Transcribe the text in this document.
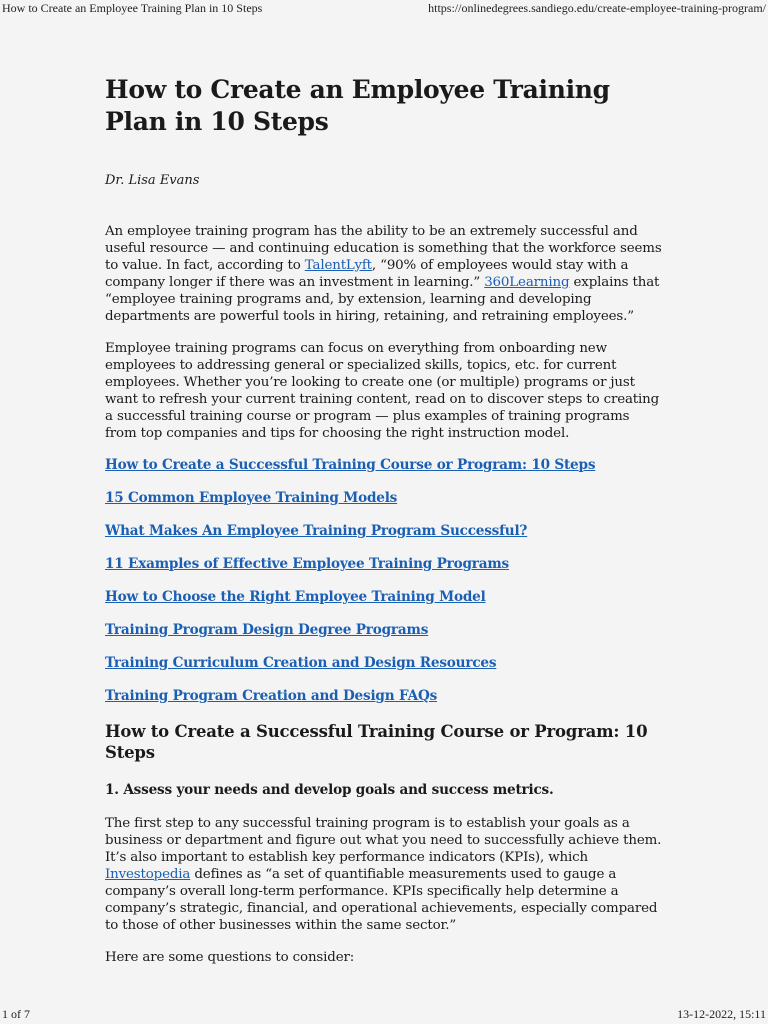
How to Create an Employee Training Plan in 10 Steps	https://onlinedegrees.sandiego.edu/create-employee-training-program/
How to Create an Employee Training Plan in 10 Steps
Dr. Lisa Evans

An employee training program has the ability to be an extremely successful and useful resource — and continuing education is something that the workforce seems to value. In fact, according to TalentLyft, “90% of employees would stay with a company longer if there was an investment in learning.” 360Learning explains that “employee training programs and, by extension, learning and developing departments are powerful tools in hiring, retaining, and retraining employees.”

Employee training programs can focus on everything from onboarding new employees to addressing general or specialized skills, topics, etc. for current employees. Whether you’re looking to create one (or multiple) programs or just want to refresh your current training content, read on to discover steps to creating a successful training course or program — plus examples of training programs from top companies and tips for choosing the right instruction model.

How to Create a Successful Training Course or Program: 10 Steps
15 Common Employee Training Models
What Makes An Employee Training Program Successful?
11 Examples of Effective Employee Training Programs
How to Choose the Right Employee Training Model
Training Program Design Degree Programs
Training Curriculum Creation and Design Resources
Training Program Creation and Design FAQs
How to Create a Successful Training Course or Program: 10 Steps
1. Assess your needs and develop goals and success metrics.

The first step to any successful training program is to establish your goals as a business or department and figure out what you need to successfully achieve them. It’s also important to establish key performance indicators (KPIs), which Investopedia defines as “a set of quantifiable measurements used to gauge a company’s overall long-term performance. KPIs specifically help determine a company’s strategic, financial, and operational achievements, especially compared to those of other businesses within the same sector.”

Here are some questions to consider:

1 of 7	13-12-2022, 15:11
